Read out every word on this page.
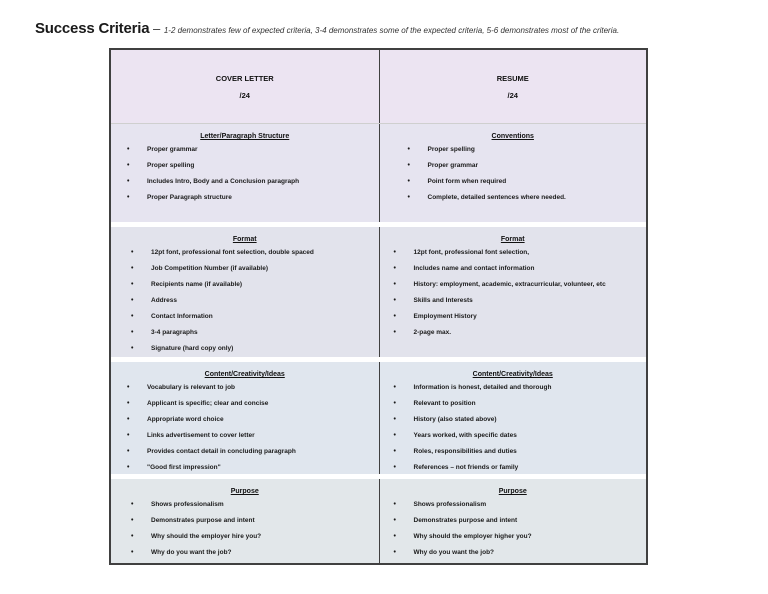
Success Criteria – 1-2 demonstrates few of expected criteria, 3-4 demonstrates some of the expected criteria, 5-6 demonstrates most of the criteria.
COVER LETTER
/24
RESUME
/24
Letter/Paragraph Structure
• Proper grammar
• Proper spelling
• Includes Intro, Body and a Conclusion paragraph
• Proper Paragraph structure
Conventions
• Proper spelling
• Proper grammar
• Point form when required
• Complete, detailed sentences where needed.
Format
• 12pt font, professional font selection, double spaced
• Job Competition Number (if available)
• Recipients name (if available)
• Address
• Contact Information
• 3-4 paragraphs
• Signature (hard copy only)
Format
• 12pt font, professional font selection,
• Includes name and contact information
• History: employment, academic, extracurricular, volunteer, etc
• Skills and Interests
• Employment History
• 2-page max.
Content/Creativity/Ideas
• Vocabulary is relevant to job
• Applicant is specific; clear and concise
• Appropriate word choice
• Links advertisement to cover letter
• Provides contact detail in concluding paragraph
• "Good first impression"
Content/Creativity/Ideas
• Information is honest, detailed and thorough
• Relevant to position
• History (also stated above)
• Years worked, with specific dates
• Roles, responsibilities and duties
• References – not friends or family
Purpose
• Shows professionalism
• Demonstrates purpose and intent
• Why should the employer hire you?
• Why do you want the job?
Purpose
• Shows professionalism
• Demonstrates purpose and intent
• Why should the employer higher you?
• Why do you want the job?
